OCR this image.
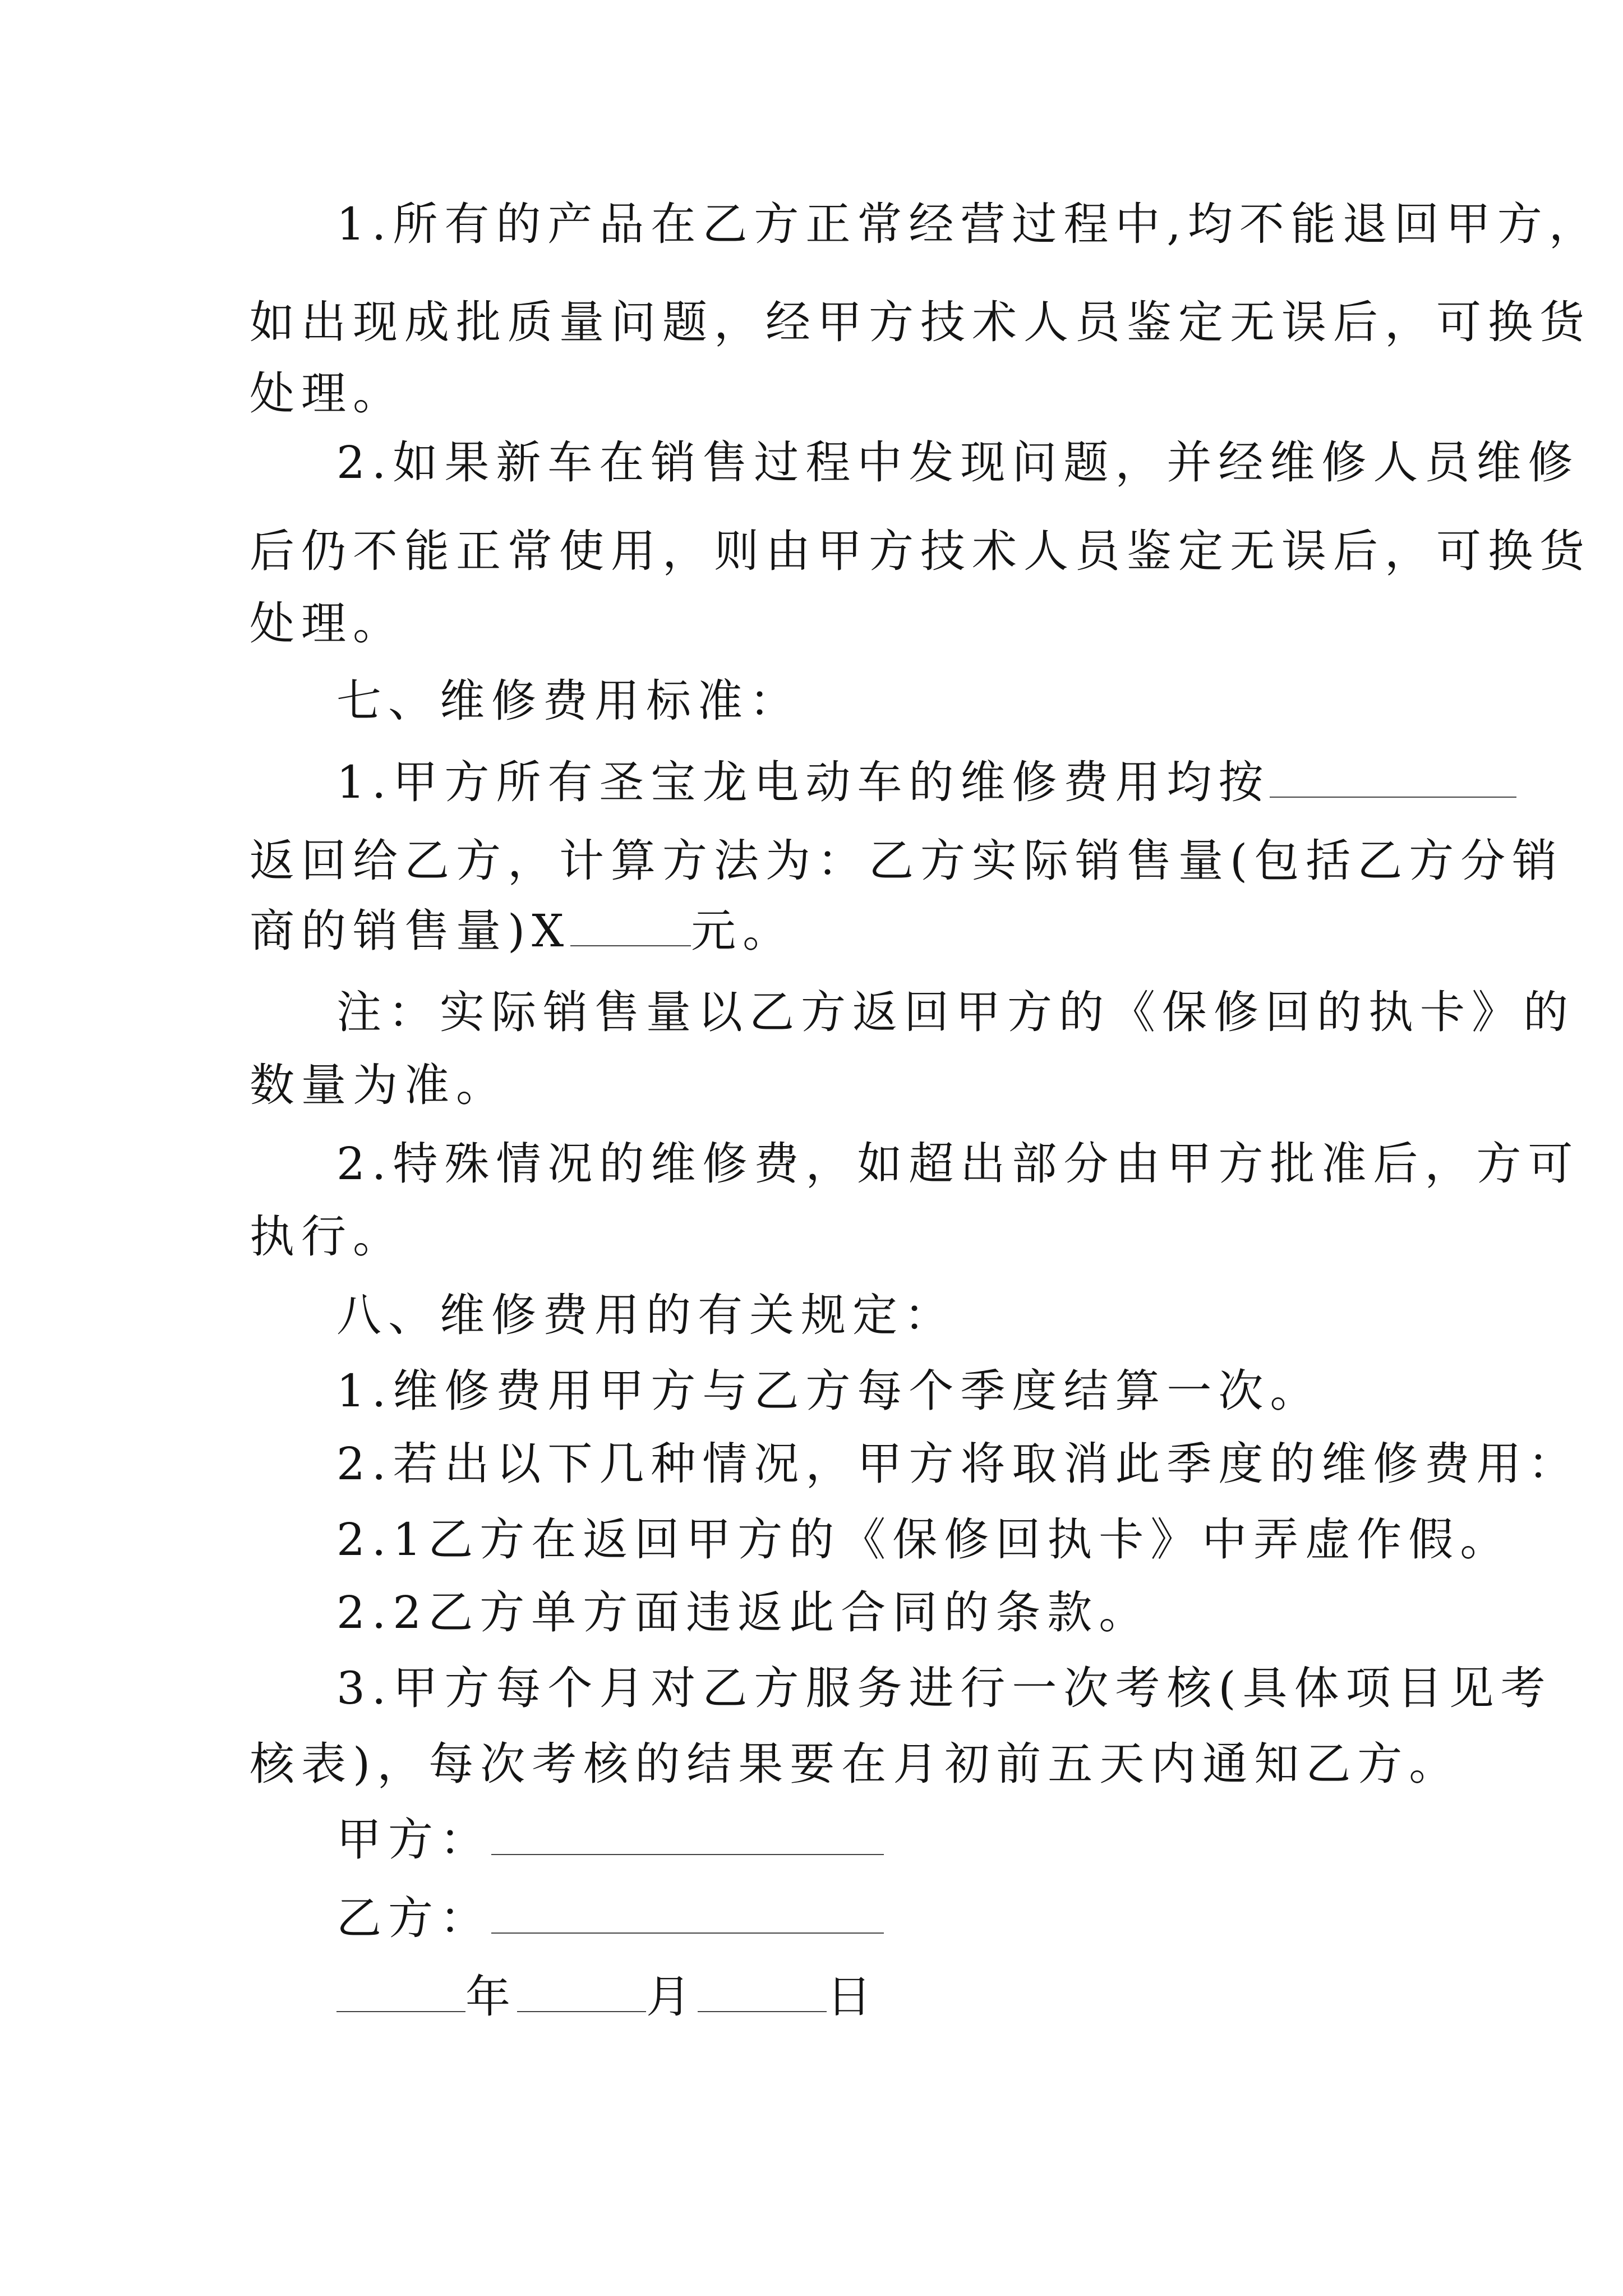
1.所有的产品在乙方正常经营过程中,均不能退回甲方，
如出现成批质量问题，经甲方技术人员鉴定无误后，可换货
处理。
2.如果新车在销售过程中发现问题，并经维修人员维修
后仍不能正常使用，则由甲方技术人员鉴定无误后，可换货
处理。
七、维修费用标准：
1.甲方所有圣宝龙电动车的维修费用均按
返回给乙方，计算方法为：乙方实际销售量(包括乙方分销
商的销售量)X	元。
注：实际销售量以乙方返回甲方的《保修回的执卡》的
数量为准。
2.特殊情况的维修费，如超出部分由甲方批准后，方可
执行。
八、维修费用的有关规定：
1.维修费用甲方与乙方每个季度结算一次。
2.若出以下几种情况，甲方将取消此季度的维修费用：
2.1乙方在返回甲方的《保修回执卡》中弄虚作假。
2.2乙方单方面违返此合同的条款。
3.甲方每个月对乙方服务进行一次考核(具体项目见考
核表)，每次考核的结果要在月初前五天内通知乙方。
甲方：
乙方：
年	月	日
